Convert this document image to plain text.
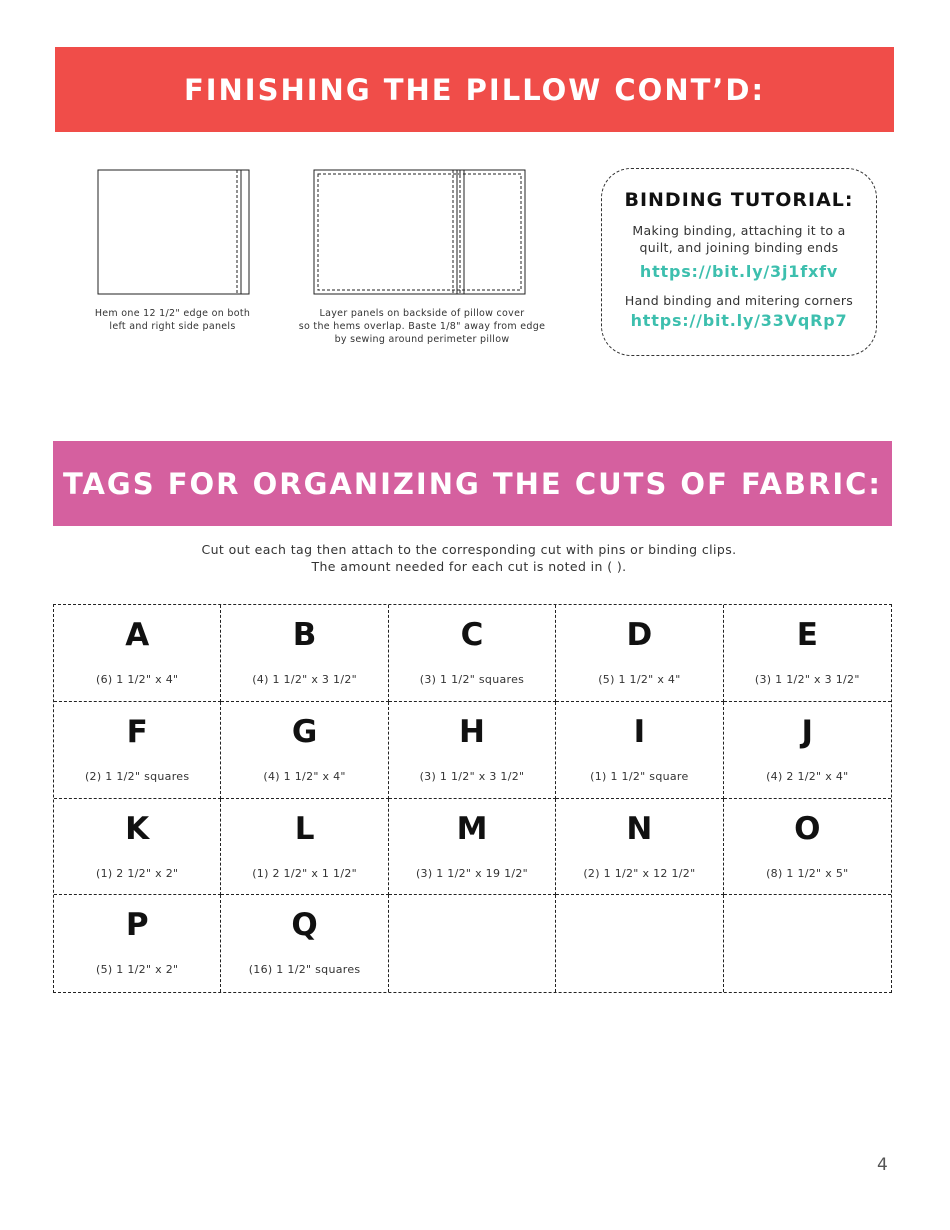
FINISHING THE PILLOW CONT’D:
Hem one 12 1/2" edge on both
left and right side panels
Layer panels on backside of pillow cover
so the hems overlap. Baste 1/8" away from edge
by sewing around perimeter pillow
BINDING TUTORIAL:
Making binding, attaching it to a
quilt, and joining binding ends
https://bit.ly/3j1fxfv
Hand binding and mitering corners
https://bit.ly/33VqRp7
TAGS FOR ORGANIZING THE CUTS OF FABRIC:
Cut out each tag then attach to the corresponding cut with pins or binding clips.
The amount needed for each cut is noted in ( ).
A
(6) 1 1/2" x 4"
B
(4) 1 1/2" x 3 1/2"
C
(3) 1 1/2" squares
D
(5) 1 1/2" x 4"
E
(3) 1 1/2" x 3 1/2"
F
(2) 1 1/2" squares
G
(4) 1 1/2" x 4"
H
(3) 1 1/2" x 3 1/2"
I
(1) 1 1/2" square
J
(4) 2 1/2" x 4"
K
(1) 2 1/2" x 2"
L
(1) 2 1/2" x 1 1/2"
M
(3) 1 1/2" x 19 1/2"
N
(2) 1 1/2" x 12 1/2"
O
(8) 1 1/2" x 5"
P
(5) 1 1/2" x 2"
Q
(16) 1 1/2" squares
4
